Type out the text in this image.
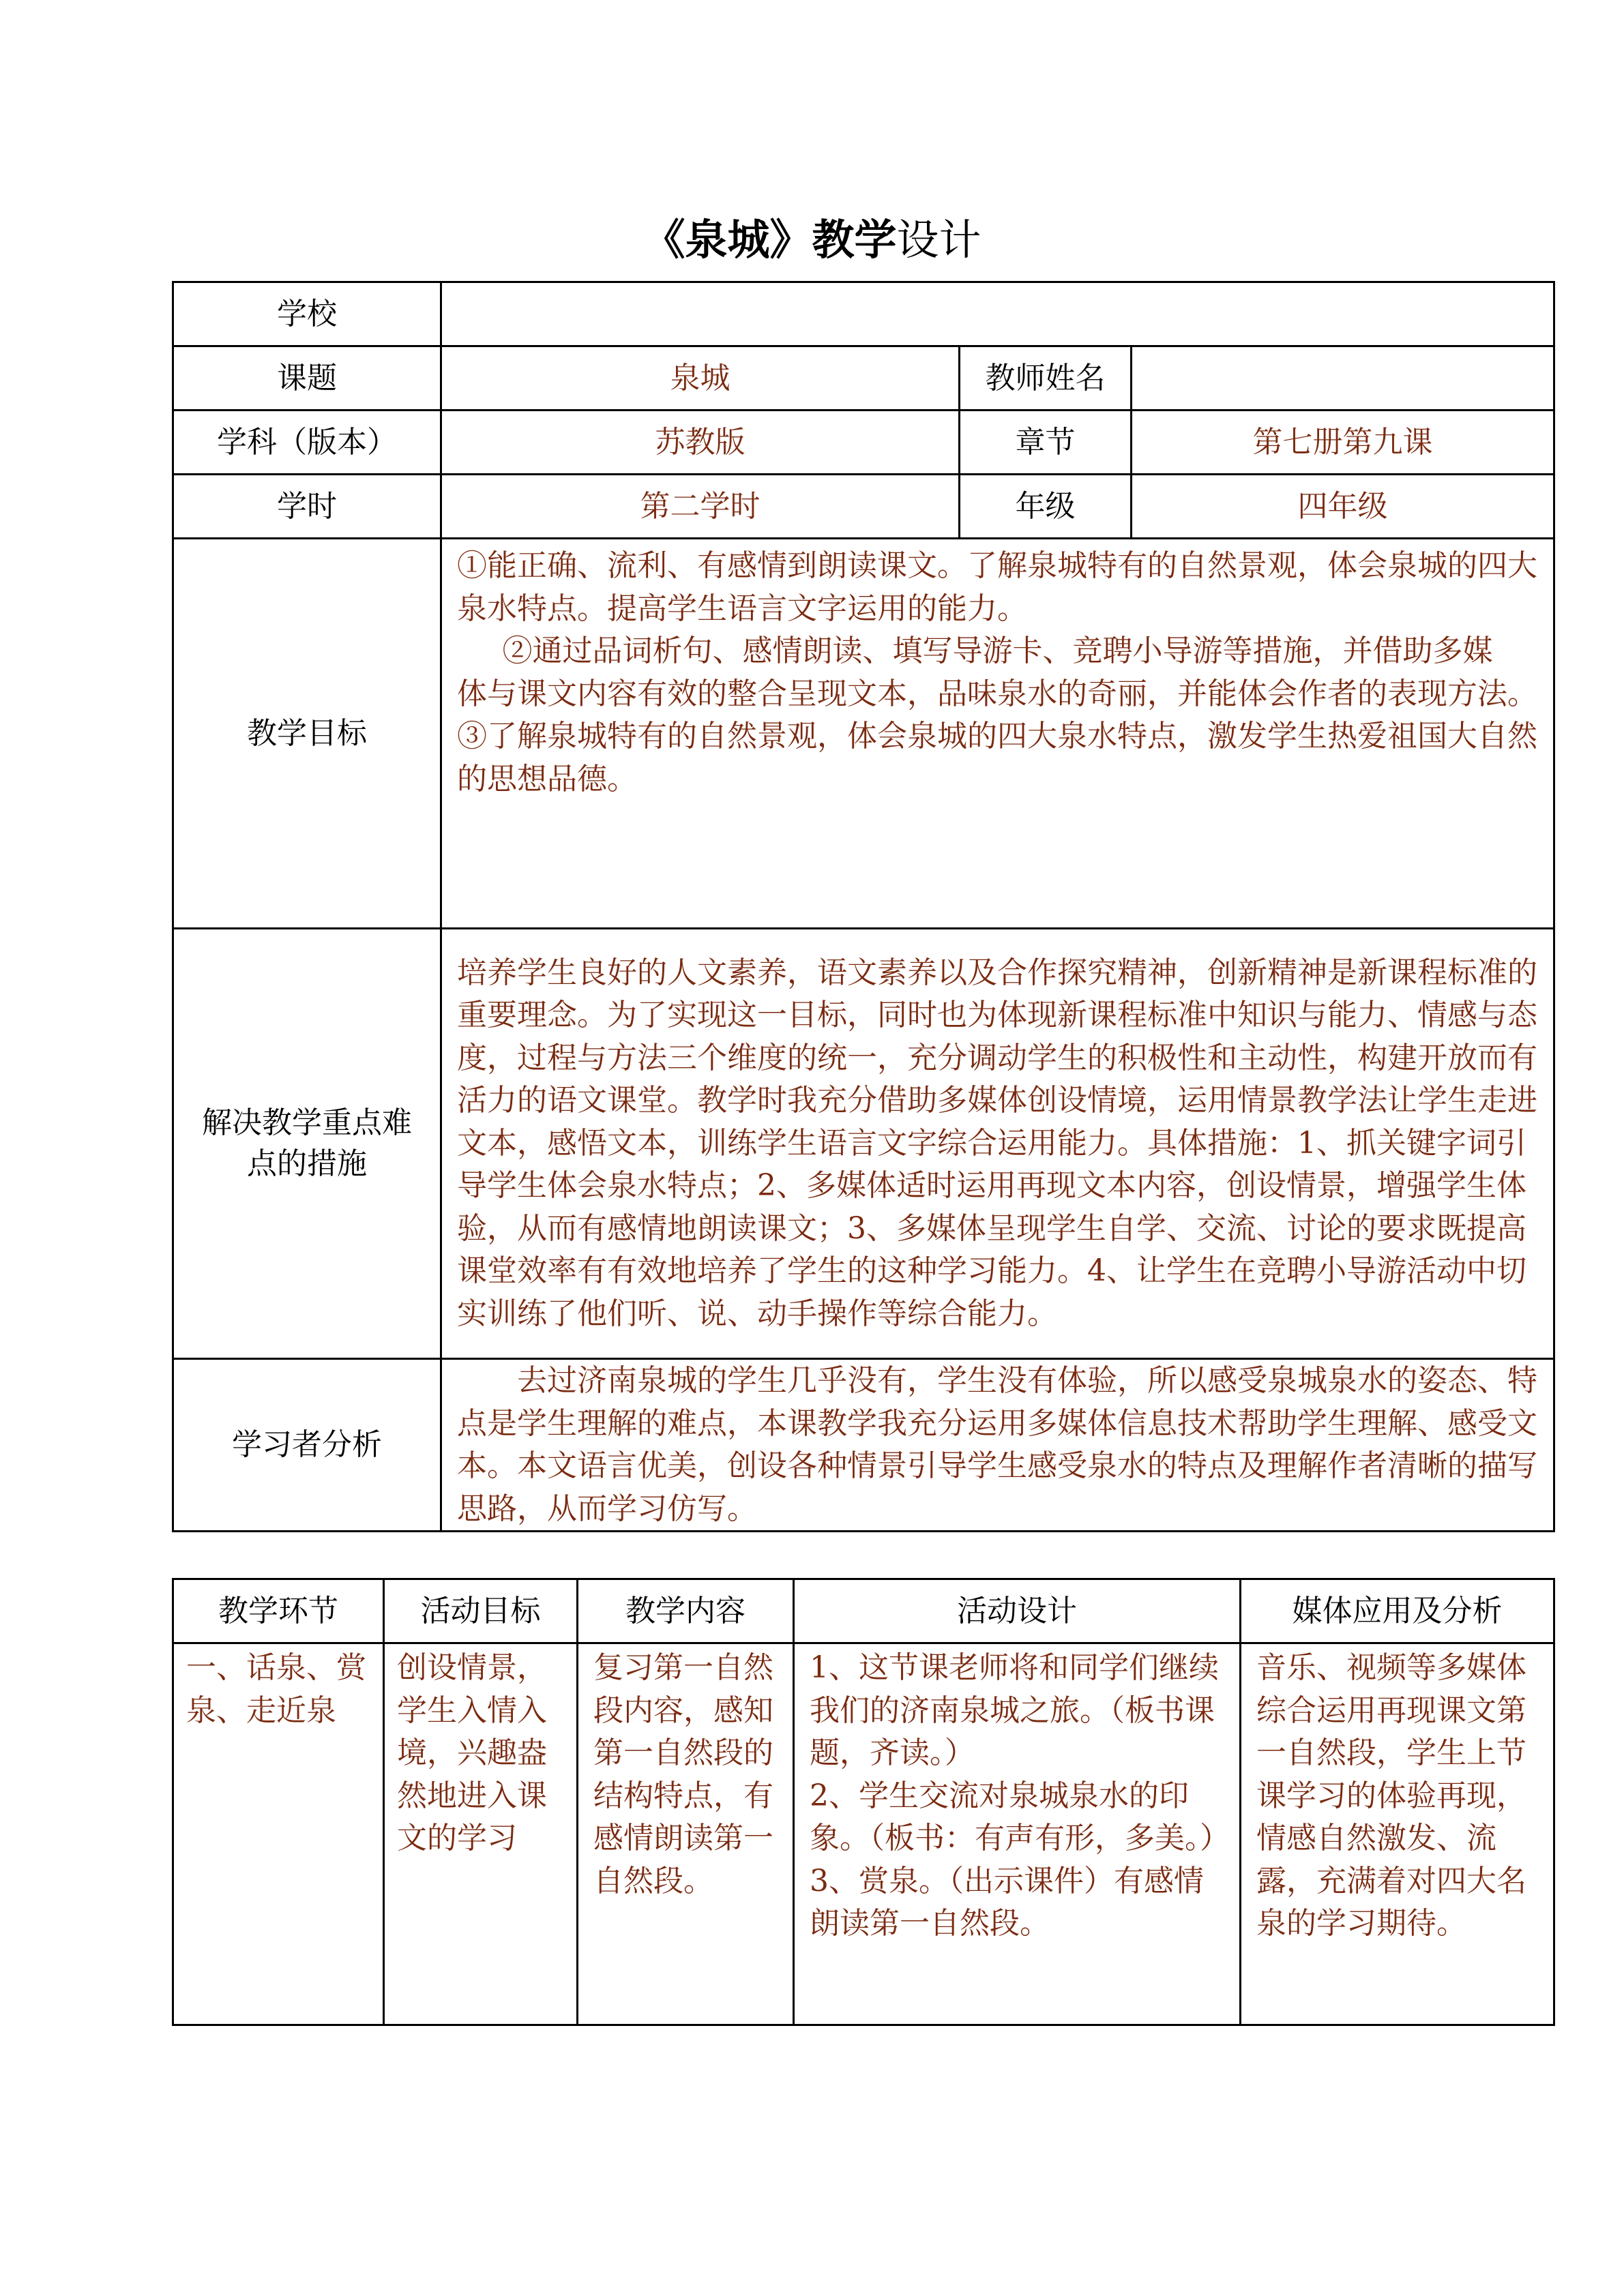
《泉城》教学设计
学校			
课题	泉城	教师姓名	
学科（版本）	苏教版	章节	第七册第九课
学时	第二学时	年级	四年级
教学目标	①能正确、流利、有感情到朗读课文。了解泉城特有的自然景观，体会泉城的四大泉水特点。提高学生语言文字运用的能力。

②通过品词析句、感情朗读、填写导游卡、竞聘小导游等措施，并借助多媒

体与课文内容有效的整合呈现文本，品味泉水的奇丽，并能体会作者的表现方法。

③了解泉城特有的自然景观，体会泉城的四大泉水特点，激发学生热爱祖国大自然的思想品德。		

解决教学重点难点的措施	培养学生良好的人文素养，语文素养以及合作探究精神，创新精神是新课程标准的重要理念。为了实现这一目标，同时也为体现新课程标准中知识与能力、情感与态度，过程与方法三个维度的统一，充分调动学生的积极性和主动性，构建开放而有活力的语文课堂。教学时我充分借助多媒体创设情境，运用情景教学法让学生走进文本，感悟文本，训练学生语言文字综合运用能力。具体措施：1、抓关键字词引导学生体会泉水特点；2、多媒体适时运用再现文本内容，创设情景，增强学生体验，从而有感情地朗读课文；3、多媒体呈现学生自学、交流、讨论的要求既提高课堂效率有有效地培养了学生的这种学习能力。4、让学生在竞聘小导游活动中切实训练了他们听、说、动手操作等综合能力。		
学习者分析	去过济南泉城的学生几乎没有，学生没有体验，所以感受泉城泉水的姿态、特点是学生理解的难点，本课教学我充分运用多媒体信息技术帮助学生理解、感受文本。本文语言优美，创设各种情景引导学生感受泉水的特点及理解作者清晰的描写思路，从而学习仿写。		
教学环节	活动目标	教学内容	活动设计	媒体应用及分析
一、话泉、赏泉、走近泉	创设情景，学生入情入境，兴趣盎然地进入课文的学习	复习第一自然段内容，感知第一自然段的结构特点，有感情朗读第一自然段。	1、这节课老师将和同学们继续我们的济南泉城之旅。（板书课题，齐读。）

2、学生交流对泉城泉水的印象。（板书：有声有形，多美。）

3、赏泉。（出示课件）有感情朗读第一自然段。	音乐、视频等多媒体综合运用再现课文第一自然段，学生上节课学习的体验再现，情感自然激发、流露，充满着对四大名泉的学习期待。
